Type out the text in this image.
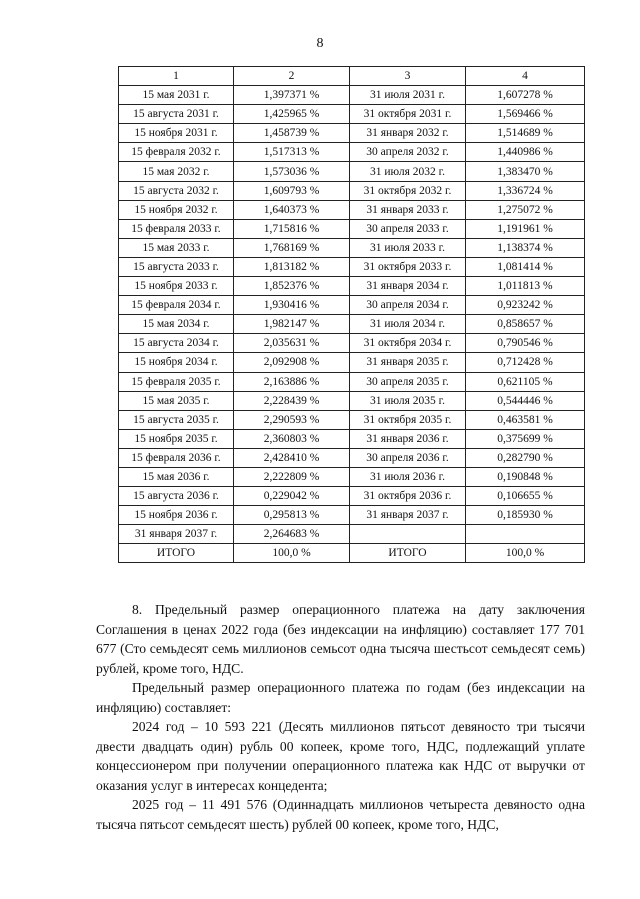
8
1	2	3	4
15 мая 2031 г.	1,397371 %	31 июля 2031 г.	1,607278 %
15 августа 2031 г.	1,425965 %	31 октября 2031 г.	1,569466 %
15 ноября 2031 г.	1,458739 %	31 января 2032 г.	1,514689 %
15 февраля 2032 г.	1,517313 %	30 апреля 2032 г.	1,440986 %
15 мая 2032 г.	1,573036 %	31 июля 2032 г.	1,383470 %
15 августа 2032 г.	1,609793 %	31 октября 2032 г.	1,336724 %
15 ноября 2032 г.	1,640373 %	31 января 2033 г.	1,275072 %
15 февраля 2033 г.	1,715816 %	30 апреля 2033 г.	1,191961 %
15 мая 2033 г.	1,768169 %	31 июля 2033 г.	1,138374 %
15 августа 2033 г.	1,813182 %	31 октября 2033 г.	1,081414 %
15 ноября 2033 г.	1,852376 %	31 января 2034 г.	1,011813 %
15 февраля 2034 г.	1,930416 %	30 апреля 2034 г.	0,923242 %
15 мая 2034 г.	1,982147 %	31 июля 2034 г.	0,858657 %
15 августа 2034 г.	2,035631 %	31 октября 2034 г.	0,790546 %
15 ноября 2034 г.	2,092908 %	31 января 2035 г.	0,712428 %
15 февраля 2035 г.	2,163886 %	30 апреля 2035 г.	0,621105 %
15 мая 2035 г.	2,228439 %	31 июля 2035 г.	0,544446 %
15 августа 2035 г.	2,290593 %	31 октября 2035 г.	0,463581 %
15 ноября 2035 г.	2,360803 %	31 января 2036 г.	0,375699 %
15 февраля 2036 г.	2,428410 %	30 апреля 2036 г.	0,282790 %
15 мая 2036 г.	2,222809 %	31 июля 2036 г.	0,190848 %
15 августа 2036 г.	0,229042 %	31 октября 2036 г.	0,106655 %
15 ноября 2036 г.	0,295813 %	31 января 2037 г.	0,185930 %
31 января 2037 г.	2,264683 %		
ИТОГО	100,0 %	ИТОГО	100,0 %

8. Предельный размер операционного платежа на дату заключения Соглашения в ценах 2022 года (без индексации на инфляцию) составляет 177 701 677 (Сто семьдесят семь миллионов семьсот одна тысяча шестьсот семьдесят семь) рублей, кроме того, НДС.

Предельный размер операционного платежа по годам (без индексации на инфляцию) составляет:

2024 год – 10 593 221 (Десять миллионов пятьсот девяносто три тысячи двести двадцать один) рубль 00 копеек, кроме того, НДС, подлежащий уплате концессионером при получении операционного платежа как НДС от выручки от оказания услуг в интересах концедента;

2025 год – 11 491 576 (Одиннадцать миллионов четыреста девяносто одна тысяча пятьсот семьдесят шесть) рублей 00 копеек, кроме того, НДС,
